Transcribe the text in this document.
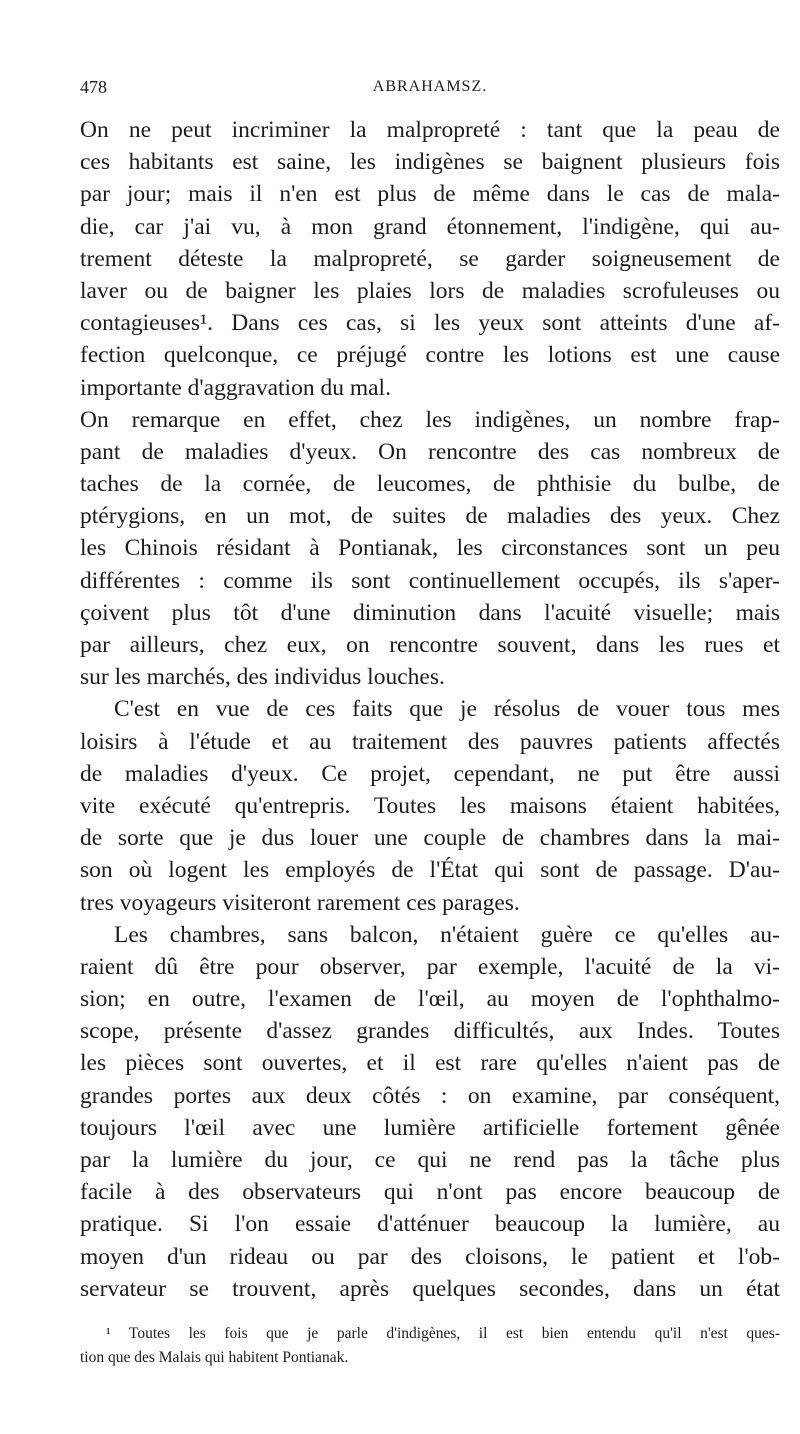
478	ABRAHAMSZ.
On ne peut incriminer la malpropreté : tant que la peau de
ces habitants est saine, les indigènes se baignent plusieurs fois
par jour; mais il n'en est plus de même dans le cas de mala-
die, car j'ai vu, à mon grand étonnement, l'indigène, qui au-
trement déteste la malpropreté, se garder soigneusement de
laver ou de baigner les plaies lors de maladies scrofuleuses ou
contagieuses¹. Dans ces cas, si les yeux sont atteints d'une af-
fection quelconque, ce préjugé contre les lotions est une cause
importante d'aggravation du mal.
On remarque en effet, chez les indigènes, un nombre frap-
pant de maladies d'yeux. On rencontre des cas nombreux de
taches de la cornée, de leucomes, de phthisie du bulbe, de
ptérygions, en un mot, de suites de maladies des yeux. Chez
les Chinois résidant à Pontianak, les circonstances sont un peu
différentes : comme ils sont continuellement occupés, ils s'aper-
çoivent plus tôt d'une diminution dans l'acuité visuelle; mais
par ailleurs, chez eux, on rencontre souvent, dans les rues et
sur les marchés, des individus louches.
C'est en vue de ces faits que je résolus de vouer tous mes
loisirs à l'étude et au traitement des pauvres patients affectés
de maladies d'yeux. Ce projet, cependant, ne put être aussi
vite exécuté qu'entrepris. Toutes les maisons étaient habitées,
de sorte que je dus louer une couple de chambres dans la mai-
son où logent les employés de l'État qui sont de passage. D'au-
tres voyageurs visiteront rarement ces parages.
Les chambres, sans balcon, n'étaient guère ce qu'elles au-
raient dû être pour observer, par exemple, l'acuité de la vi-
sion; en outre, l'examen de l'œil, au moyen de l'ophthalmo-
scope, présente d'assez grandes difficultés, aux Indes. Toutes
les pièces sont ouvertes, et il est rare qu'elles n'aient pas de
grandes portes aux deux côtés : on examine, par conséquent,
toujours l'œil avec une lumière artificielle fortement gênée
par la lumière du jour, ce qui ne rend pas la tâche plus
facile à des observateurs qui n'ont pas encore beaucoup de
pratique. Si l'on essaie d'atténuer beaucoup la lumière, au
moyen d'un rideau ou par des cloisons, le patient et l'ob-
servateur se trouvent, après quelques secondes, dans un état
¹ Toutes les fois que je parle d'indigènes, il est bien entendu qu'il n'est ques-
tion que des Malais qui habitent Pontianak.
